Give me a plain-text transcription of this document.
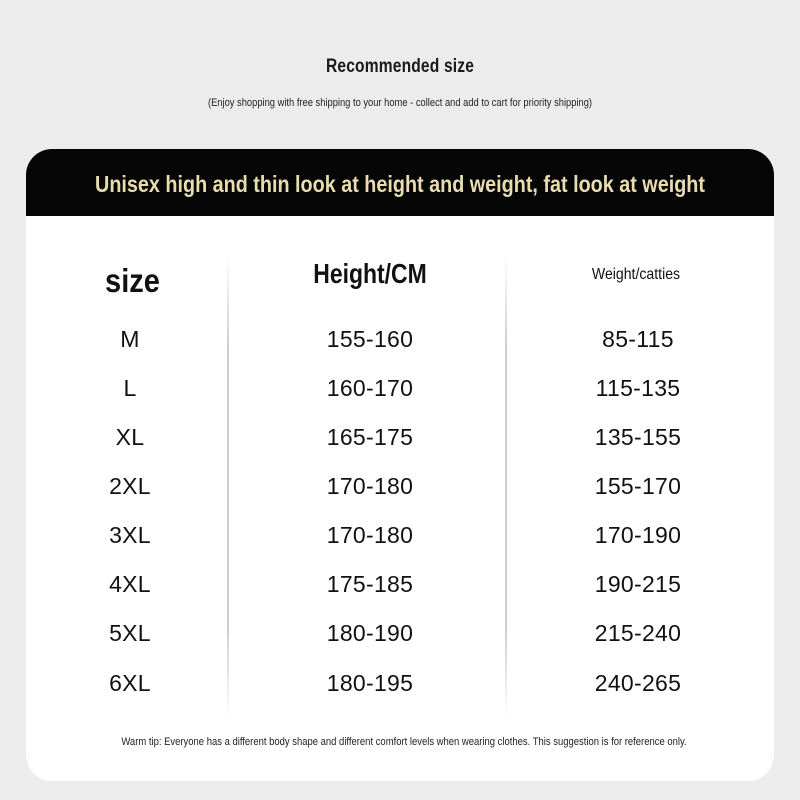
Recommended size
(Enjoy shopping with free shipping to your home - collect and add to cart for priority shipping)
Unisex high and thin look at height and weight, fat look at weight
size	Height/CM	Weight/catties
M	155-160	85-115
L	160-170	115-135
XL	165-175	135-155
2XL	170-180	155-170
3XL	170-180	170-190
4XL	175-185	190-215
5XL	180-190	215-240
6XL	180-195	240-265
Warm tip: Everyone has a different body shape and different comfort levels when wearing clothes. This suggestion is for reference only.
